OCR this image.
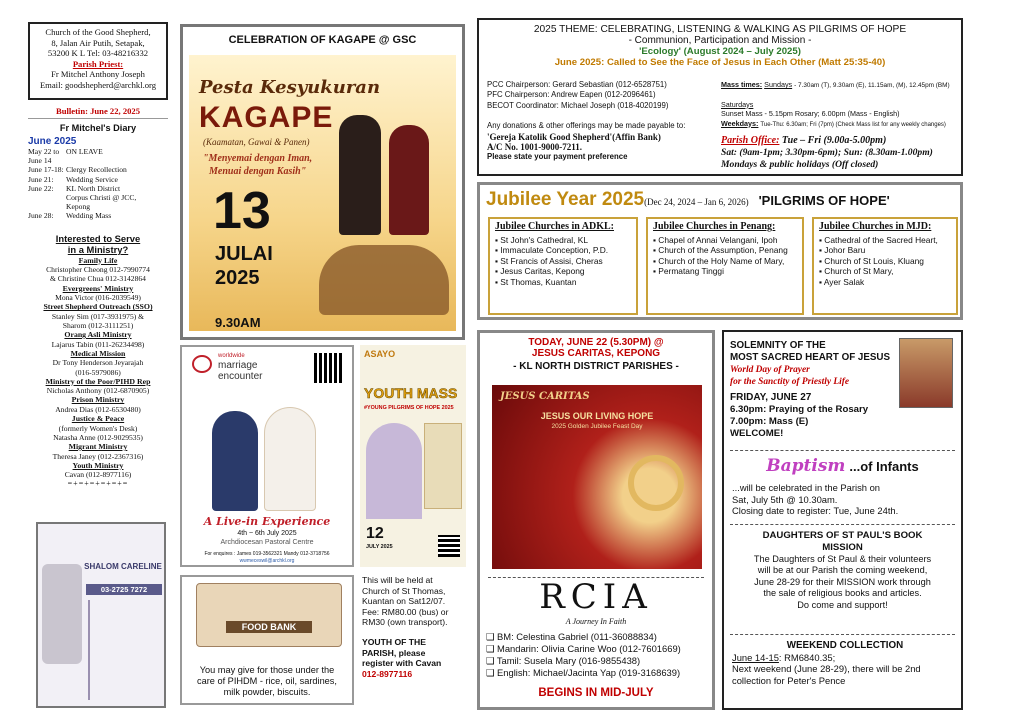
Church of the Good Shepherd,
8, Jalan Air Putih, Setapak,
53200 K L Tel: 03-48216332
Parish Priest:
Fr Mitchel Anthony Joseph
Email: goodshepherd@archkl.org
Bulletin: June 22, 2025
Fr Mitchel's Diary
June 2025
May 22 to ON LEAVE
June 14
June 17-18: Clergy Recollection
June 21:	Wedding Service
June 22:	KL North District
Corpus Christi @ JCC,
Kepong
June 28:	Wedding Mass
Interested to Serve
in a Ministry?
Family Life
Christopher Cheong 012-7990774
& Christine Chua 012-3142864
Evergreens' Ministry
Mona Victor (016-2039549)
Street Shepherd Outreach (SSO)
Stanley Sim (017-3931975) &
Sharom (012-3111251)
Orang Asli Ministry
Lajarus Tabin (011-26234498)
Medical Mission
Dr Tony Henderson Jeyarajah
(016-5979086)
Ministry of the Poor/PIHD Rep
Nicholas Anthony (012-6870905)
Prison Ministry
Andrea Dias (012-6530480)
Justice & Peace
(formerly Women's Desk)
Natasha Anne (012-9029535)
Migrant Ministry
Theresa Janey (012-2367316)
Youth Ministry
Cavan (012-8977116)
=+=+=+=+=+=
SHALOM CARELINE
03-2725 7272
CELEBRATION OF KAGAPE @ GSC
Pesta Kesyukuran
KAGAPE
(Kaamatan, Gawai & Panen)
"Menyemai dengan Iman,
Menuai dengan Kasih"
13
JULAI
2025
9.30AM
worldwide
marriage
encounter
A Live-in Experience
4th ~ 6th July 2025
Archdiocesan Pastoral Centre
For enquires : James 019-3562321 Mandy 012-3718756
wwmeceswil@archkl.org
ASAYO
YOUTH MASS
#YOUNG PILGRIMS OF HOPE 2025
12
JULY 2025
This will be held at
Church of St Thomas,
Kuantan on Sat12/07.
Fee: RM80.00 (bus) or
RM30 (own transport).
YOUTH OF THE
PARISH, please
register with Cavan
012-8977116
FOOD BANK
You may give for those under the
care of PIHDM - rice, oil, sardines,
milk powder, biscuits.
2025 THEME: CELEBRATING, LISTENING & WALKING AS PILGRIMS OF HOPE
- Communion, Participation and Mission -
'Ecology' (August 2024 – July 2025)
June 2025: Called to See the Face of Jesus in Each Other (Matt 25:35-40)
PCC Chairperson: Gerard Sebastian (012-6528751)
PFC Chairperson: Andrew Eapen (012-2096461)
BECOT Coordinator: Michael Joseph (018-4020199)
Any donations & other offerings may be made payable to:
'Gereja Katolik Good Shepherd'(Affin Bank)
A/C No. 1001-9000-7211.
Please state your payment preference
Mass times: Sundays - 7.30am (T), 9.30am (E), 11.15am, (M), 12.45pm (BM)
Saturdays
Sunset Mass - 5.15pm Rosary; 6.00pm (Mass - English)
Weekdays: Tue-Thu: 6.30am; Fri (7pm) (Check Mass list for any weekly changes)
Parish Office: Tue – Fri (9.00a-5.00pm)
Sat: (9am-1pm; 3.30pm-6pm); Sun: (8.30am-1.00pm)
Mondays & public holidays (Off closed)
Jubilee Year 2025(Dec 24, 2024 – Jan 6, 2026) 'PILGRIMS OF HOPE'
Jubilee Churches in ADKL:
▪ St John's Cathedral, KL
▪ Immaculate Conception, P.D.
▪ St Francis of Assisi, Cheras
▪ Jesus Caritas, Kepong
▪ St Thomas, Kuantan
Jubilee Churches in Penang:
▪ Chapel of Annai Velangani, Ipoh
▪ Church of the Assumption, Penang
▪ Church of the Holy Name of Mary,
▪ Permatang Tinggi
Jubilee Churches in MJD:
▪ Cathedral of the Sacred Heart,
▪ Johor Baru
▪ Church of St Louis, Kluang
▪ Church of St Mary,
▪ Ayer Salak
TODAY, JUNE 22 (5.30PM) @
JESUS CARITAS, KEPONG
- KL NORTH DISTRICT PARISHES -
JESUS CARITAS
JESUS OUR LIVING HOPE
2025 Golden Jubilee Feast Day
RCIA
A Journey In Faith
❑ BM: Celestina Gabriel (011-36088834)
❑ Mandarin: Olivia Carine Woo (012-7601669)
❑ Tamil: Susela Mary (016-9855438)
❑ English: Michael/Jacinta Yap (019-3168639)
BEGINS IN MID-JULY
SOLEMNITY OF THE
MOST SACRED HEART OF JESUS
World Day of Prayer
for the Sanctity of Priestly Life
FRIDAY, JUNE 27
6.30pm: Praying of the Rosary
7.00pm: Mass (E)
WELCOME!
Baptism ...of Infants
...will be celebrated in the Parish on
Sat, July 5th @ 10.30am.
Closing date to register: Tue, June 24th.
DAUGHTERS OF ST PAUL'S BOOK
MISSION
The Daughters of St Paul & their volunteers
will be at our Parish the coming weekend,
June 28-29 for their MISSION work through
the sale of religious books and articles.
Do come and support!
WEEKEND COLLECTION
June 14-15: RM6840.35;
Next weekend (June 28-29), there will be 2nd
collection for Peter's Pence
